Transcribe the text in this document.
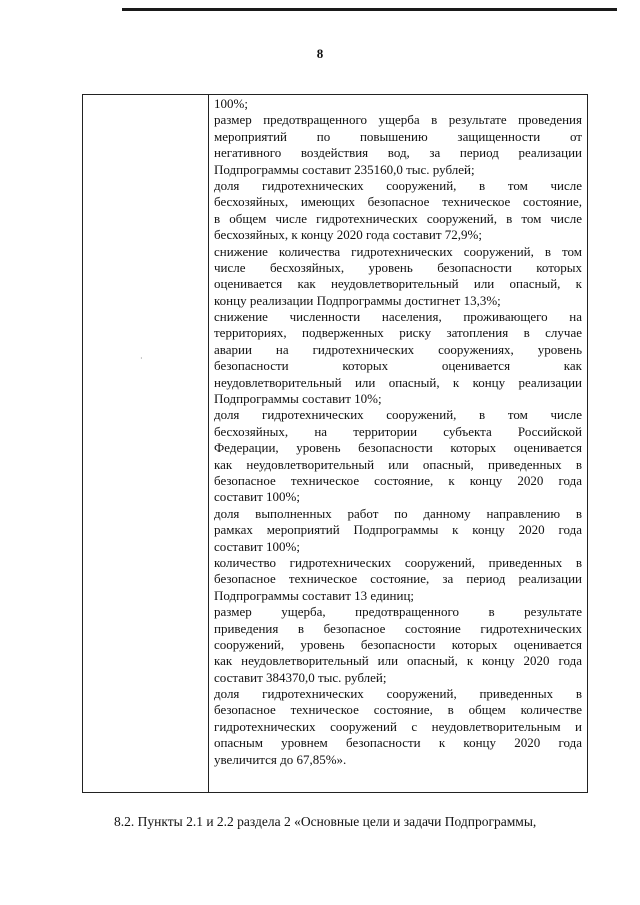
8
·
100%;
размер предотвращенного ущерба в результате проведения
мероприятий по повышению защищенности от
негативного воздействия вод, за период реализации
Подпрограммы составит 235160,0 тыс. рублей;
доля гидротехнических сооружений, в том числе
бесхозяйных, имеющих безопасное техническое состояние,
в общем числе гидротехнических сооружений, в том числе
бесхозяйных, к концу 2020 года составит 72,9%;
снижение количества гидротехнических сооружений, в том
числе бесхозяйных, уровень безопасности которых
оценивается как неудовлетворительный или опасный, к
концу реализации Подпрограммы достигнет 13,3%;
снижение численности населения, проживающего на
территориях, подверженных риску затопления в случае
аварии на гидротехнических сооружениях, уровень
безопасности которых оценивается как
неудовлетворительный или опасный, к концу реализации
Подпрограммы составит 10%;
доля гидротехнических сооружений, в том числе
бесхозяйных, на территории субъекта Российской
Федерации, уровень безопасности которых оценивается
как неудовлетворительный или опасный, приведенных в
безопасное техническое состояние, к концу 2020 года
составит 100%;
доля выполненных работ по данному направлению в
рамках мероприятий Подпрограммы к концу 2020 года
составит 100%;
количество гидротехнических сооружений, приведенных в
безопасное техническое состояние, за период реализации
Подпрограммы составит 13 единиц;
размер ущерба, предотвращенного в результате
приведения в безопасное состояние гидротехнических
сооружений, уровень безопасности которых оценивается
как неудовлетворительный или опасный, к концу 2020 года
составит 384370,0 тыс. рублей;
доля гидротехнических сооружений, приведенных в
безопасное техническое состояние, в общем количестве
гидротехнических сооружений с неудовлетворительным и
опасным уровнем безопасности к концу 2020 года
увеличится до 67,85%».
8.2. Пункты 2.1 и 2.2 раздела 2 «Основные цели и задачи Подпрограммы,
